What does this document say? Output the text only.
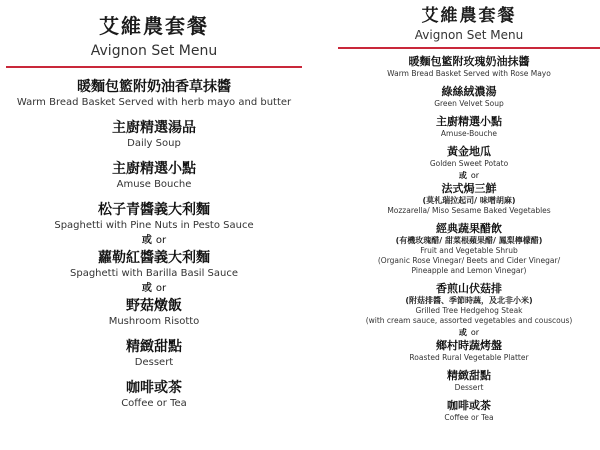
艾維農套餐
Avignon Set Menu
暖麵包籃附奶油香草抹醬
Warm Bread Basket Served with herb mayo and butter
主廚精選湯品
Daily Soup
主廚精選小點
Amuse Bouche
松子青醬義大利麵
Spaghetti with Pine Nuts in Pesto Sauce
或 or
蘿勒紅醬義大利麵
Spaghetti with Barilla Basil Sauce
或 or
野菇燉飯
Mushroom Risotto
精緻甜點
Dessert
咖啡或茶
Coffee or Tea
艾維農套餐
Avignon Set Menu
暖麵包籃附玫瑰奶油抹醬
Warm Bread Basket Served with Rose Mayo
綠絲絨濃湯
Green Velvet Soup
主廚精選小點
Amuse-Bouche
黃金地瓜
Golden Sweet Potato
或 or
法式焗三鮮
(莫札瑞拉起司/ 味噌胡麻)
Mozzarella/ Miso Sesame Baked Vegetables
經典蔬果醋飲
(有機玫瑰醋/ 甜菜根蘋果醋/ 鳳梨檸檬醋)
Fruit and Vegetable Shrub
(Organic Rose Vinegar/ Beets and Cider Vinegar/
Pineapple and Lemon Vinegar)
香煎山伏菇排
(附菇排醬、季節時蔬，及北非小米)
Grilled Tree Hedgehog Steak
(with cream sauce, assorted vegetables and couscous)
或 or
鄉村時蔬烤盤
Roasted Rural Vegetable Platter
精緻甜點
Dessert
咖啡或茶
Coffee or Tea
